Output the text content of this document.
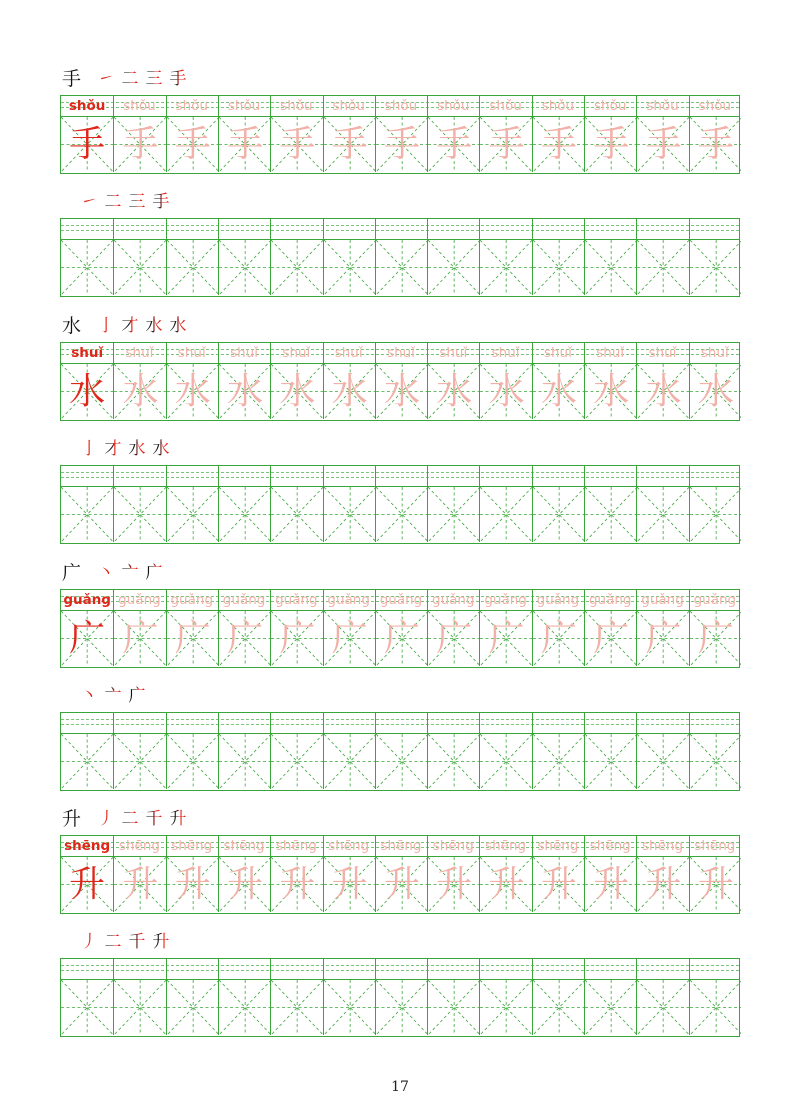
手 ㇀ 二 三 手
shǒu	shǒu	shǒu	shǒu	shǒu	shǒu	shǒu	shǒu	shǒu	shǒu	shǒu	shǒu	shǒu
手 手 手 手 手 手 手 手 手 手 手 手 手
㇀ 二 三 手
水 亅 才 水 水
shuǐ	shuǐ	shuǐ	shuǐ	shuǐ	shuǐ	shuǐ	shuǐ	shuǐ	shuǐ	shuǐ	shuǐ	shuǐ
水 水 水 水 水 水 水 水 水 水 水 水 水
亅 才 水 水
广 丶 亠 广
guǎng guǎng guǎng guǎng guǎng guǎng guǎng guǎng guǎng guǎng guǎng guǎng guǎng
广 广 广 广 广 广 广 广 广 广 广 广 广
丶 亠 广
升 丿 二 千 升
shēng shēng shēng shēng shēng shēng shēng shēng shēng shēng shēng shēng shēng
升 升 升 升 升 升 升 升 升 升 升 升 升
丿 二 千 升
17
